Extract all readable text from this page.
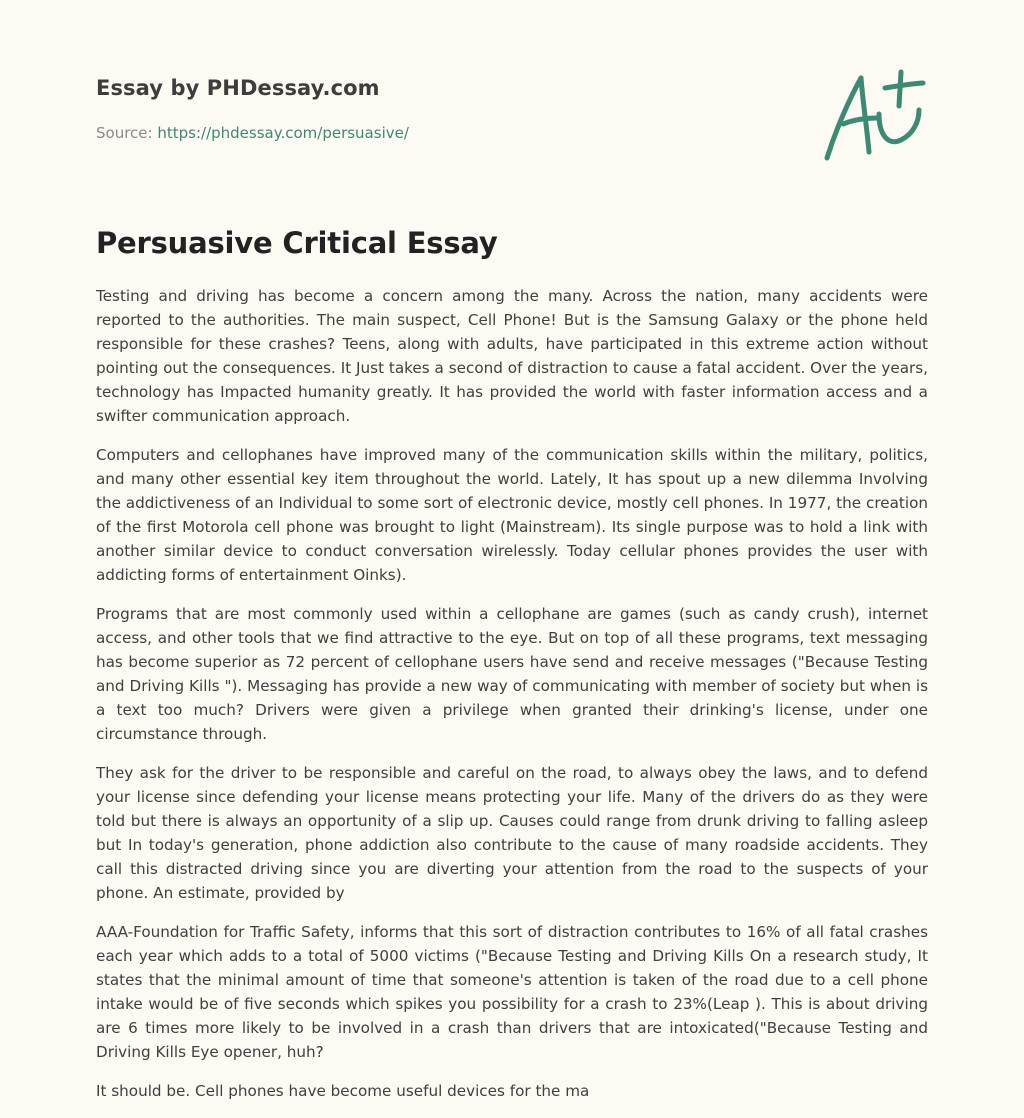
Essay by PHDessay.com
Source: https://phdessay.com/persuasive/
Persuasive Critical Essay

Testing and driving has become a concern among the many. Across the nation, many accidents were reported to the authorities. The main suspect, Cell Phone! But is the Samsung Galaxy or the phone held responsible for these crashes? Teens, along with adults, have participated in this extreme action without pointing out the consequences. It Just takes a second of distraction to cause a fatal accident. Over the years, technology has Impacted humanity greatly. It has provided the world with faster information access and a swifter communication approach.

Computers and cellophanes have improved many of the communication skills within the military, politics, and many other essential key item throughout the world. Lately, It has spout up a new dilemma Involving the addictiveness of an Individual to some sort of electronic device, mostly cell phones. In 1977, the creation of the first Motorola cell phone was brought to light (Mainstream). Its single purpose was to hold a link with another similar device to conduct conversation wirelessly. Today cellular phones provides the user with addicting forms of entertainment Oinks).

Programs that are most commonly used within a cellophane are games (such as candy crush), internet access, and other tools that we find attractive to the eye. But on top of all these programs, text messaging has become superior as 72 percent of cellophane users have send and receive messages ("Because Testing and Driving Kills "). Messaging has provide a new way of communicating with member of society but when is a text too much? Drivers were given a privilege when granted their drinking's license, under one circumstance through.

They ask for the driver to be responsible and careful on the road, to always obey the laws, and to defend your license since defending your license means protecting your life. Many of the drivers do as they were told but there is always an opportunity of a slip up. Causes could range from drunk driving to falling asleep but In today's generation, phone addiction also contribute to the cause of many roadside accidents. They call this distracted driving since you are diverting your attention from the road to the suspects of your phone. An estimate, provided by

AAA-Foundation for Traffic Safety, informs that this sort of distraction contributes to 16% of all fatal crashes each year which adds to a total of 5000 victims ("Because Testing and Driving Kills On a research study, It states that the minimal amount of time that someone's attention is taken of the road due to a cell phone intake would be of five seconds which spikes you possibility for a crash to 23%(Leap ). This is about driving are 6 times more likely to be involved in a crash than drivers that are intoxicated("Because Testing and Driving Kills Eye opener, huh?

It should be. Cell phones have become useful devices for the ma
